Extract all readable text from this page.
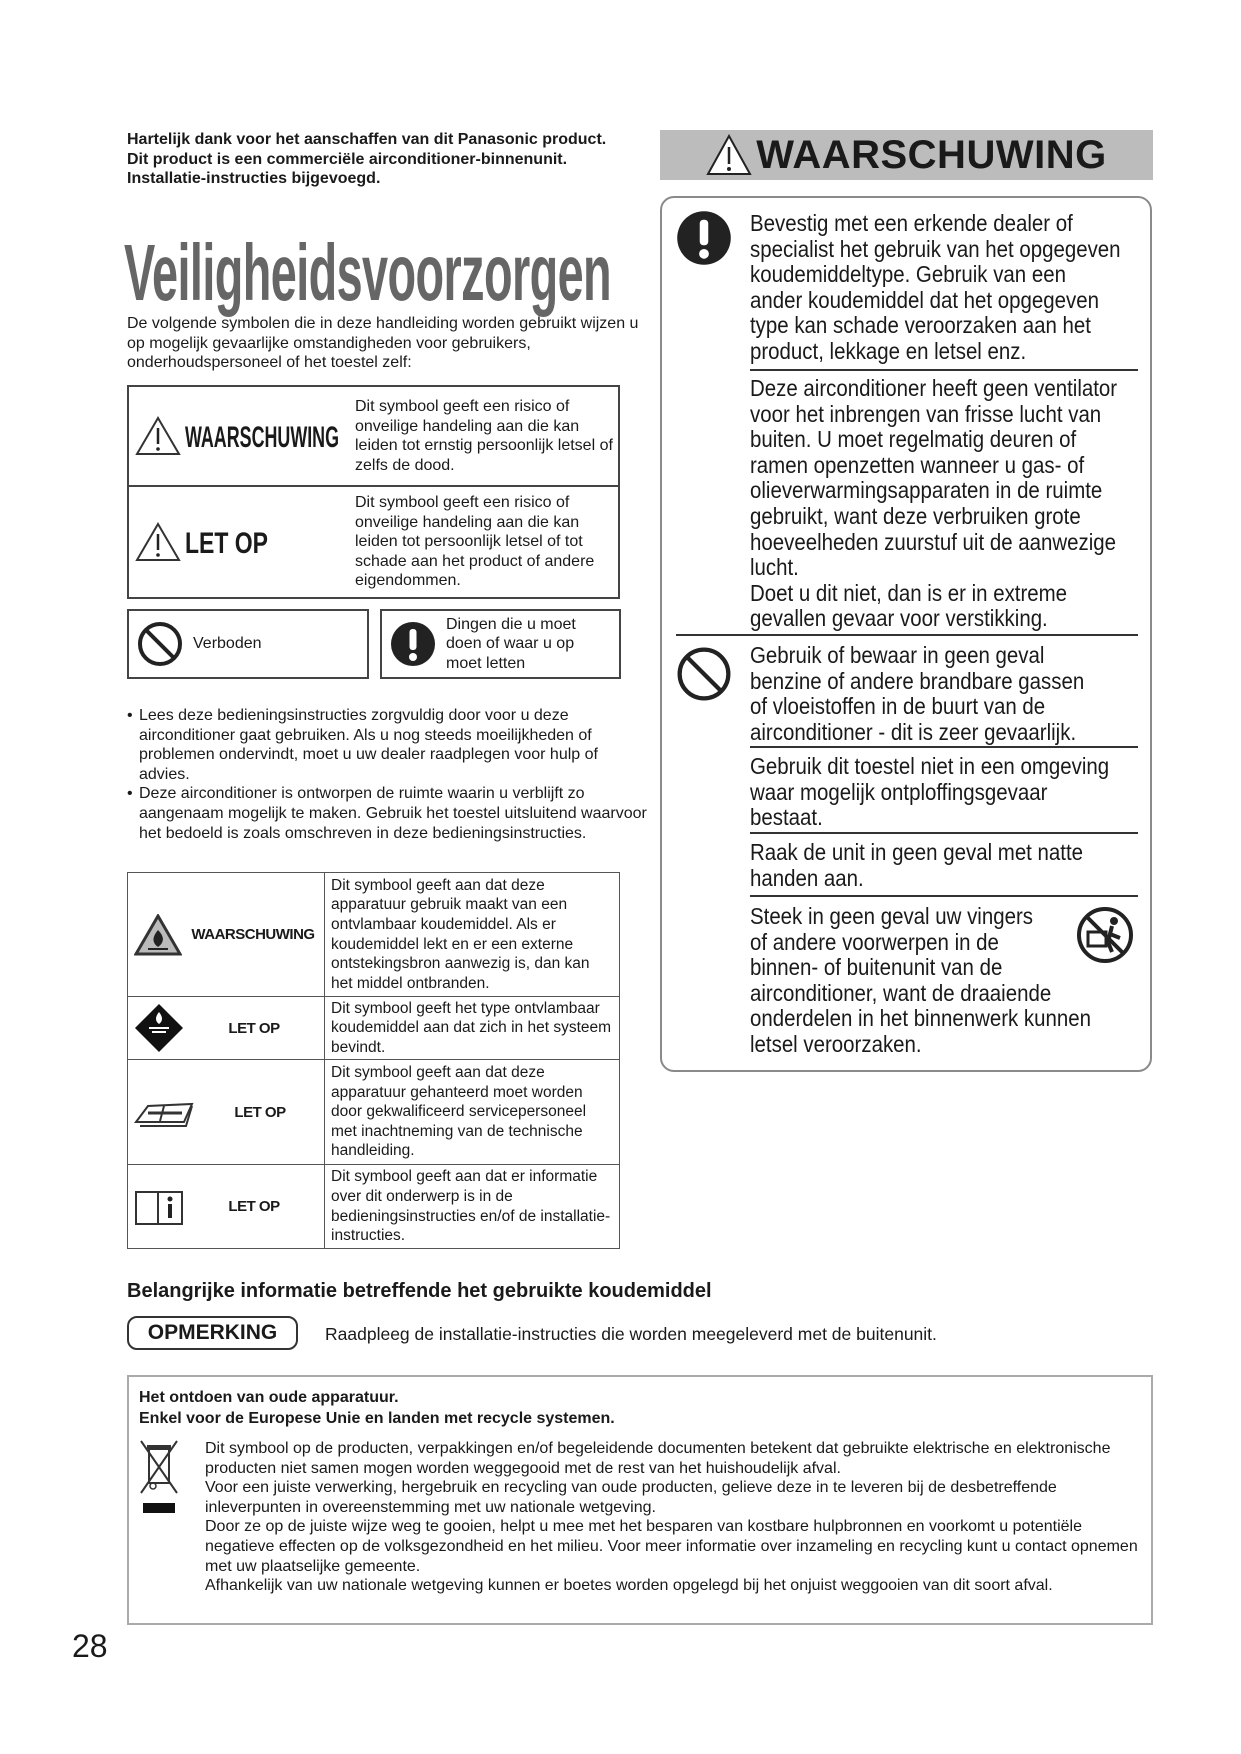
Hartelijk dank voor het aanschaffen van dit Panasonic product.
Dit product is een commerciële airconditioner-binnenunit.
Installatie-instructies bijgevoegd.
Veiligheidsvoorzorgen
De volgende symbolen die in deze handleiding worden gebruikt wijzen u op mogelijk gevaarlijke omstandigheden voor gebruikers, onderhoudspersoneel of het toestel zelf:
WAARSCHUWING	Dit symbool geeft een risico of onveilige handeling aan die kan leiden tot ernstig persoonlijk letsel of zelfs de dood.

LET OP	Dit symbool geeft een risico of onveilige handeling aan die kan leiden tot persoonlijk letsel of tot schade aan het product of andere eigendommen.
Verboden
Dingen die u moet doen of waar u op moet letten
• Lees deze bedieningsinstructies zorgvuldig door voor u deze airconditioner gaat gebruiken. Als u nog steeds moeilijkheden of problemen ondervindt, moet u uw dealer raadplegen voor hulp of advies.
• Deze airconditioner is ontworpen de ruimte waarin u verblijft zo aangenaam mogelijk te maken. Gebruik het toestel uitsluitend waarvoor het bedoeld is zoals omschreven in deze bedieningsinstructies.
WAARSCHUWING	Dit symbool geeft aan dat deze apparatuur gebruik maakt van een ontvlambaar koudemiddel. Als er koudemiddel lekt en er een externe ontstekingsbron aanwezig is, dan kan het middel ontbranden.

LET OP	Dit symbool geeft het type ontvlambaar koudemiddel aan dat zich in het systeem bevindt.

LET OP	Dit symbool geeft aan dat deze apparatuur gehanteerd moet worden door gekwalificeerd servicepersoneel met inachtneming van de technische handleiding.

LET OP	Dit symbool geeft aan dat er informatie over dit onderwerp is in de bedieningsinstructies en/of de installatie-instructies.
Belangrijke informatie betreffende het gebruikte koudemiddel
OPMERKING	Raadpleeg de installatie-instructies die worden meegeleverd met de buitenunit.
Het ontdoen van oude apparatuur.
Enkel voor de Europese Unie en landen met recycle systemen.
Dit symbool op de producten, verpakkingen en/of begeleidende documenten betekent dat gebruikte elektrische en elektronische producten niet samen mogen worden weggegooid met de rest van het huishoudelijk afval.
Voor een juiste verwerking, hergebruik en recycling van oude producten, gelieve deze in te leveren bij de desbetreffende inleverpunten in overeenstemming met uw nationale wetgeving.
Door ze op de juiste wijze weg te gooien, helpt u mee met het besparen van kostbare hulpbronnen en voorkomt u potentiële negatieve effecten op de volksgezondheid en het milieu. Voor meer informatie over inzameling en recycling kunt u contact opnemen met uw plaatselijke gemeente.
Afhankelijk van uw nationale wetgeving kunnen er boetes worden opgelegd bij het onjuist weggooien van dit soort afval.
28
WAARSCHUWING
Bevestig met een erkende dealer of
specialist het gebruik van het opgegeven
koudemiddeltype. Gebruik van een
ander koudemiddel dat het opgegeven
type kan schade veroorzaken aan het
product, lekkage en letsel enz.
Deze airconditioner heeft geen ventilator
voor het inbrengen van frisse lucht van
buiten. U moet regelmatig deuren of
ramen openzetten wanneer u gas- of
olieverwarmingsapparaten in de ruimte
gebruikt, want deze verbruiken grote
hoeveelheden zuurstuf uit de aanwezige
lucht.
Doet u dit niet, dan is er in extreme
gevallen gevaar voor verstikking.
Gebruik of bewaar in geen geval
benzine of andere brandbare gassen
of vloeistoffen in de buurt van de
airconditioner - dit is zeer gevaarlijk.
Gebruik dit toestel niet in een omgeving
waar mogelijk ontploffingsgevaar
bestaat.
Raak de unit in geen geval met natte
handen aan.
Steek in geen geval uw vingers
of andere voorwerpen in de
binnen- of buitenunit van de
airconditioner, want de draaiende
onderdelen in het binnenwerk kunnen
letsel veroorzaken.
